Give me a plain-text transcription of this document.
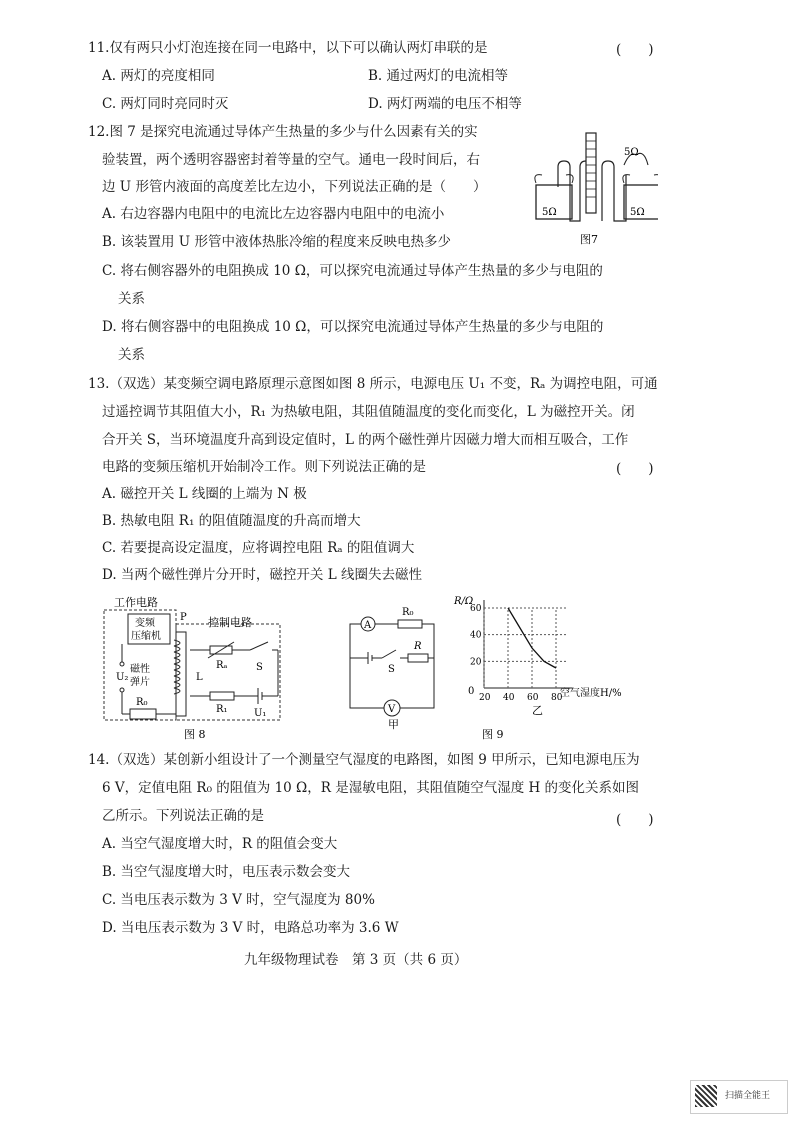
11.仅有两只小灯泡连接在同一电路中，以下可以确认两灯串联的是	(　　)
A. 两灯的亮度相同	B. 通过两灯的电流相等
C. 两灯同时亮同时灭	D. 两灯两端的电压不相等
12.图 7 是探究电流通过导体产生热量的多少与什么因素有关的实
验装置，两个透明容器密封着等量的空气。通电一段时间后，右
边 U 形管内液面的高度差比左边小，下列说法正确的是（　　）
A. 右边容器内电阻中的电流比左边容器内电阻中的电流小
B. 该装置用 U 形管中液体热胀冷缩的程度来反映电热多少
C. 将右侧容器外的电阻换成 10 Ω，可以探究电流通过导体产生热量的多少与电阻的
关系
D. 将右侧容器中的电阻换成 10 Ω，可以探究电流通过导体产生热量的多少与电阻的
关系
5Ω
5Ω	5Ω
图7
13.（双选）某变频空调电路原理示意图如图 8 所示，电源电压 U₁ 不变，Rₐ 为调控电阻，可通
过遥控调节其阻值大小，R₁ 为热敏电阻，其阻值随温度的变化而变化，L 为磁控开关。闭
合开关 S，当环境温度升高到设定值时，L 的两个磁性弹片因磁力增大而相互吸合，工作
电路的变频压缩机开始制冷工作。则下列说法正确的是	(　　)
A. 磁控开关 L 线圈的上端为 N 极
B. 热敏电阻 R₁ 的阻值随温度的升高而增大
C. 若要提高设定温度，应将调控电阻 Rₐ 的阻值调大
D. 当两个磁性弹片分开时，磁控开关 L 线圈失去磁性
工作电路
变频
压缩机
P 控制电路
Rₐ	S
L
磁性
弹片
R₁	U₁
U₂
R₀
图 8
A
R₀
S
R
V
甲
R/Ω
空气湿度H/%
0
乙
图 9
20
40
60
20 40 60 80
14.（双选）某创新小组设计了一个测量空气湿度的电路图，如图 9 甲所示，已知电源电压为
6 V，定值电阻 R₀ 的阻值为 10 Ω，R 是湿敏电阻，其阻值随空气湿度 H 的变化关系如图
乙所示。下列说法正确的是	(　　)
A. 当空气湿度增大时，R 的阻值会变大
B. 当空气湿度增大时，电压表示数会变大
C. 当电压表示数为 3 V 时，空气湿度为 80%
D. 当电压表示数为 3 V 时，电路总功率为 3.6 W
九年级物理试卷　第 3 页（共 6 页）
扫描全能王
